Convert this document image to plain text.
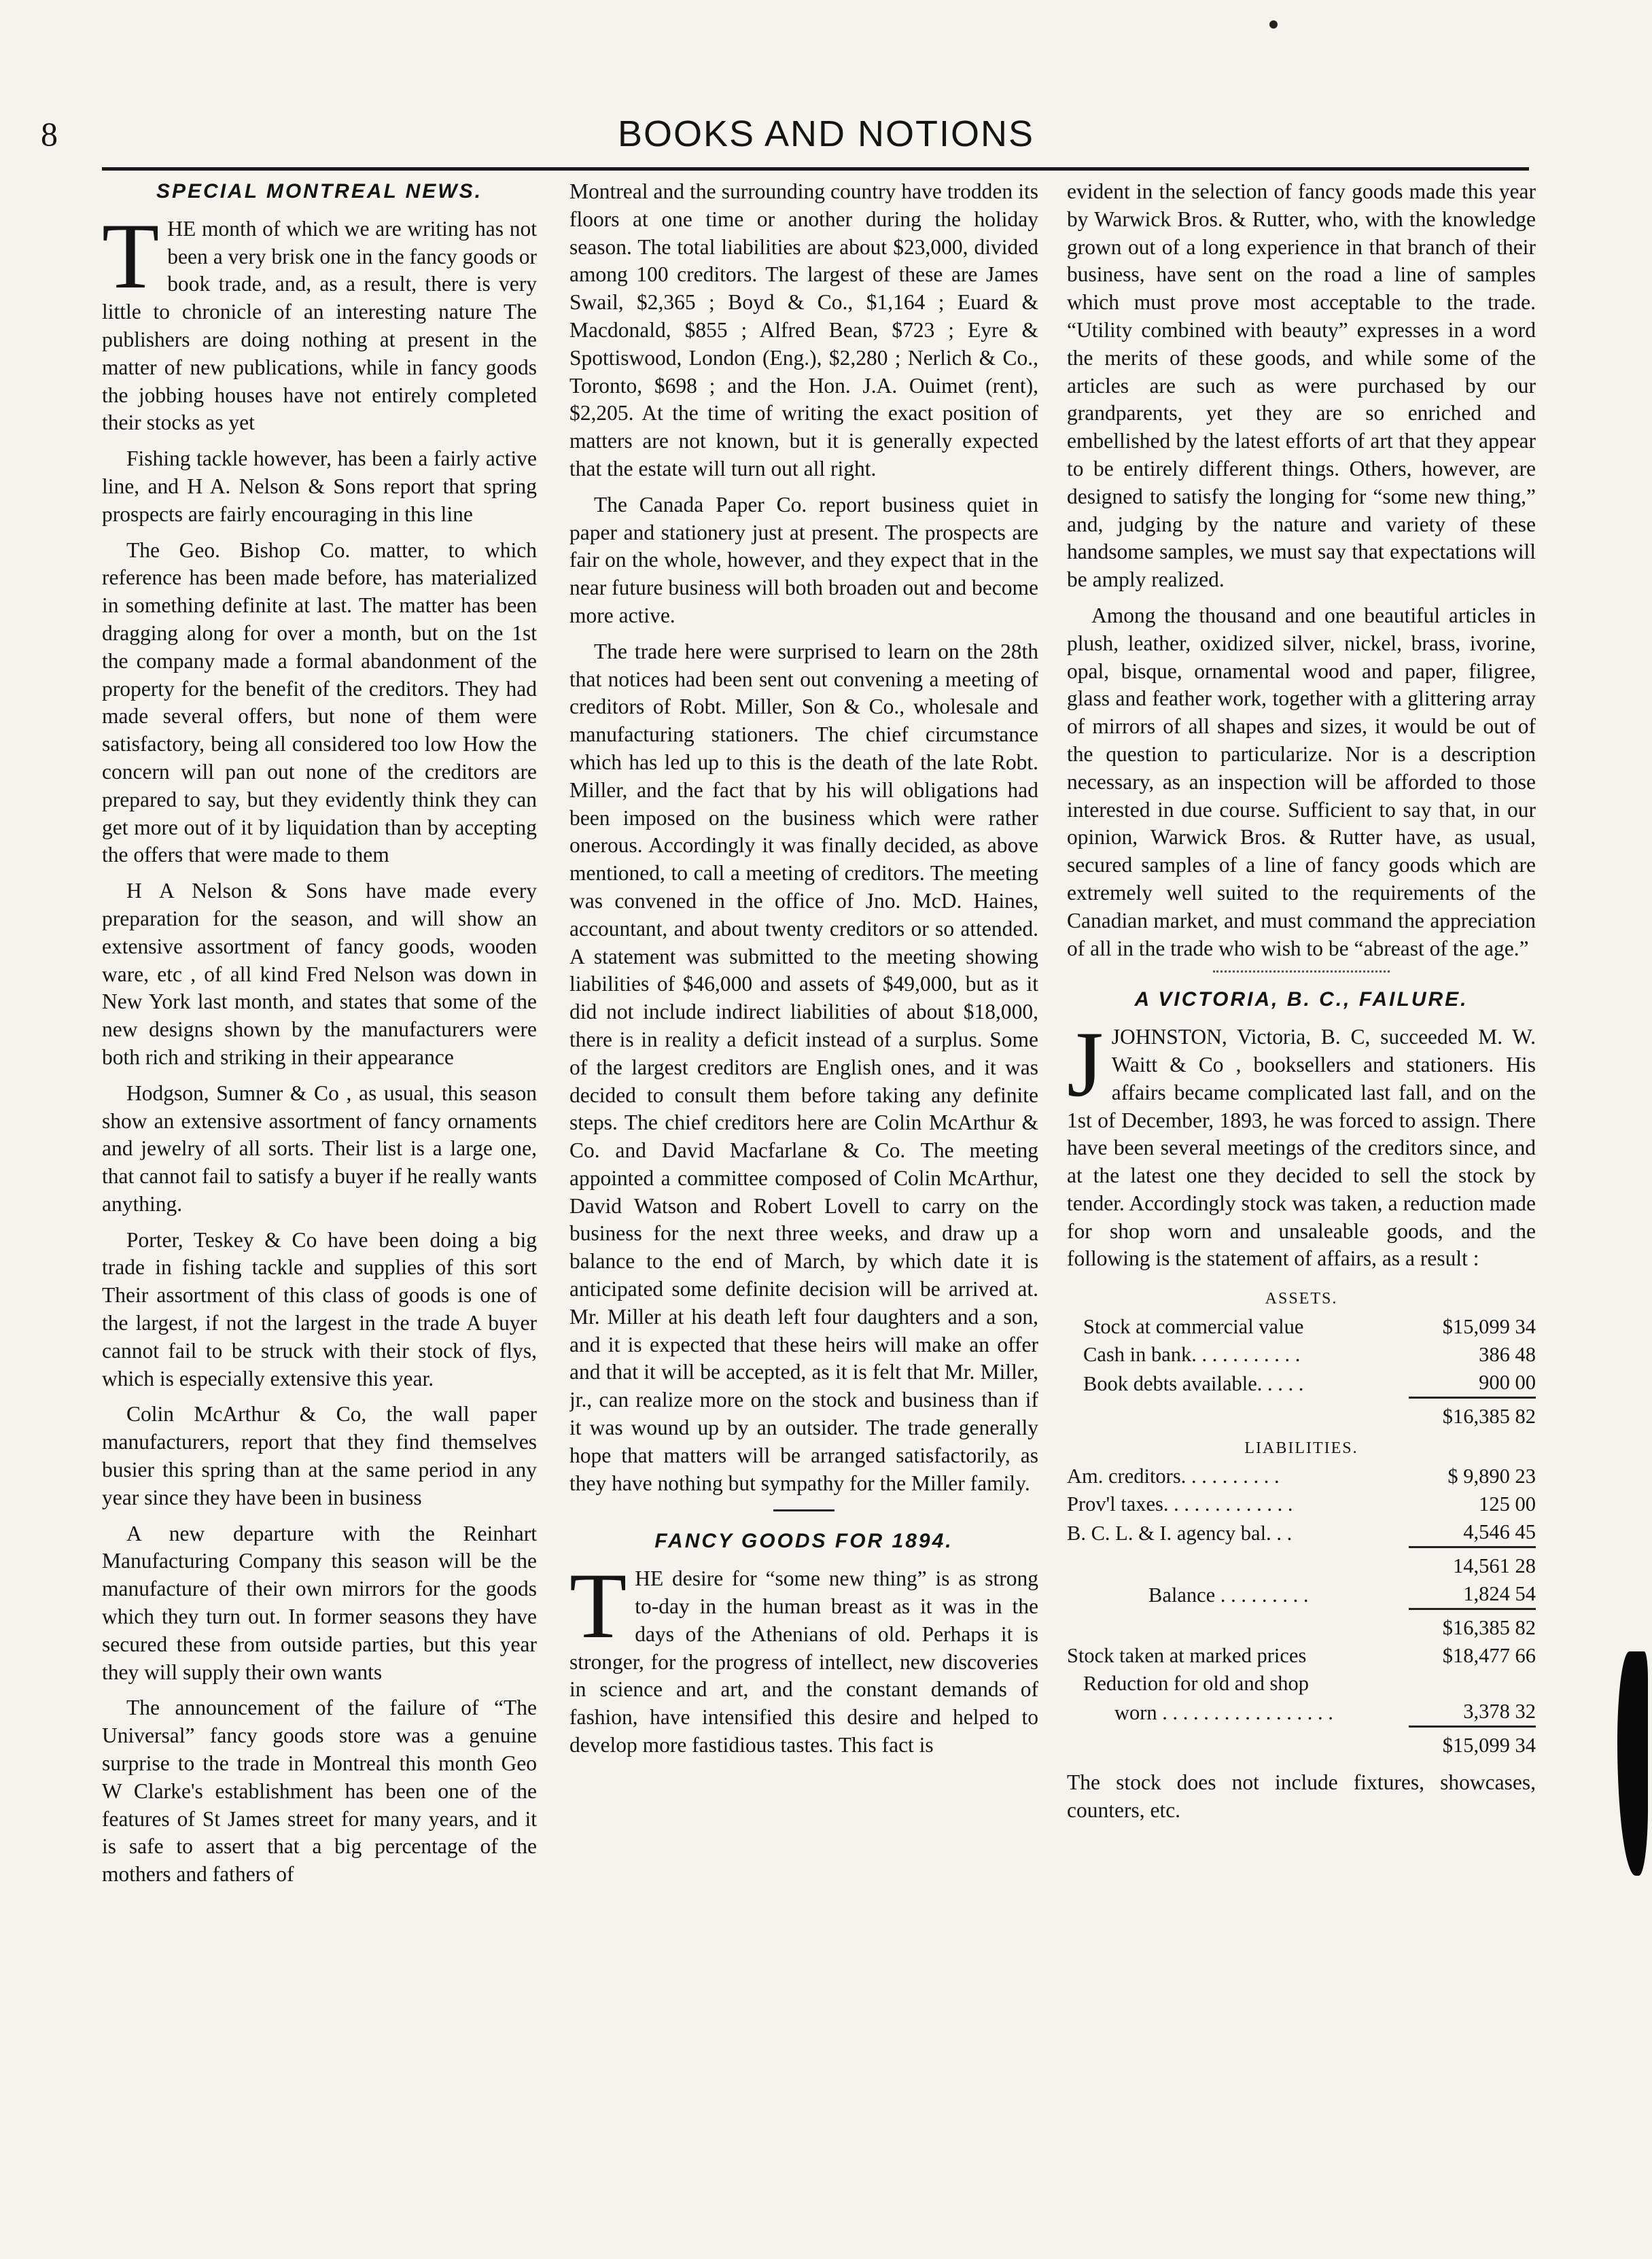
8	BOOKS AND NOTIONS
SPECIAL MONTREAL NEWS.

THE month of which we are writing has not been a very brisk one in the fancy goods or book trade, and, as a result, there is very little to chronicle of an interesting nature The publishers are doing nothing at present in the matter of new publications, while in fancy goods the jobbing houses have not entirely completed their stocks as yet

Fishing tackle however, has been a fairly active line, and H A. Nelson & Sons report that spring prospects are fairly encouraging in this line

The Geo. Bishop Co. matter, to which reference has been made before, has materialized in something definite at last. The matter has been dragging along for over a month, but on the 1st the company made a formal abandonment of the property for the benefit of the creditors. They had made several offers, but none of them were satisfactory, being all considered too low How the concern will pan out none of the creditors are prepared to say, but they evidently think they can get more out of it by liquidation than by accepting the offers that were made to them

H A Nelson & Sons have made every preparation for the season, and will show an extensive assortment of fancy goods, wooden ware, etc , of all kind Fred Nelson was down in New York last month, and states that some of the new designs shown by the manufacturers were both rich and striking in their appearance

Hodgson, Sumner & Co , as usual, this season show an extensive assortment of fancy ornaments and jewelry of all sorts. Their list is a large one, that cannot fail to satisfy a buyer if he really wants anything.

Porter, Teskey & Co have been doing a big trade in fishing tackle and supplies of this sort Their assortment of this class of goods is one of the largest, if not the largest in the trade A buyer cannot fail to be struck with their stock of flys, which is especially extensive this year.

Colin McArthur & Co, the wall paper manufacturers, report that they find themselves busier this spring than at the same period in any year since they have been in business

A new departure with the Reinhart Manufacturing Company this season will be the manufacture of their own mirrors for the goods which they turn out. In former seasons they have secured these from outside parties, but this year they will supply their own wants

The announcement of the failure of “The Universal” fancy goods store was a genuine surprise to the trade in Montreal this month Geo W Clarke's establishment has been one of the features of St James street for many years, and it is safe to assert that a big percentage of the mothers and fathers of

Montreal and the surrounding country have trodden its floors at one time or another during the holiday season. The total liabilities are about $23,000, divided among 100 creditors. The largest of these are James Swail, $2,365 ; Boyd & Co., $1,164 ; Euard & Macdonald, $855 ; Alfred Bean, $723 ; Eyre & Spottiswood, London (Eng.), $2,280 ; Nerlich & Co., Toronto, $698 ; and the Hon. J.A. Ouimet (rent), $2,205. At the time of writing the exact position of matters are not known, but it is generally expected that the estate will turn out all right.

The Canada Paper Co. report business quiet in paper and stationery just at present. The prospects are fair on the whole, however, and they expect that in the near future business will both broaden out and become more active.

The trade here were surprised to learn on the 28th that notices had been sent out convening a meeting of creditors of Robt. Miller, Son & Co., wholesale and manufacturing stationers. The chief circumstance which has led up to this is the death of the late Robt. Miller, and the fact that by his will obligations had been imposed on the business which were rather onerous. Accordingly it was finally decided, as above mentioned, to call a meeting of creditors. The meeting was convened in the office of Jno. McD. Haines, accountant, and about twenty creditors or so attended. A statement was submitted to the meeting showing liabilities of $46,000 and assets of $49,000, but as it did not include indirect liabilities of about $18,000, there is in reality a deficit instead of a surplus. Some of the largest creditors are English ones, and it was decided to consult them before taking any definite steps. The chief creditors here are Colin McArthur & Co. and David Macfarlane & Co. The meeting appointed a committee composed of Colin McArthur, David Watson and Robert Lovell to carry on the business for the next three weeks, and draw up a balance to the end of March, by which date it is anticipated some definite decision will be arrived at. Mr. Miller at his death left four daughters and a son, and it is expected that these heirs will make an offer and that it will be accepted, as it is felt that Mr. Miller, jr., can realize more on the stock and business than if it was wound up by an outsider. The trade generally hope that matters will be arranged satisfactorily, as they have nothing but sympathy for the Miller family.

FANCY GOODS FOR 1894.

THE desire for “some new thing” is as strong to-day in the human breast as it was in the days of the Athenians of old. Perhaps it is stronger, for the progress of intellect, new discoveries in science and art, and the constant demands of fashion, have intensified this desire and helped to develop more fastidious tastes. This fact is

evident in the selection of fancy goods made this year by Warwick Bros. & Rutter, who, with the knowledge grown out of a long experience in that branch of their business, have sent on the road a line of samples which must prove most acceptable to the trade. “Utility combined with beauty” expresses in a word the merits of these goods, and while some of the articles are such as were purchased by our grandparents, yet they are so enriched and embellished by the latest efforts of art that they appear to be entirely different things. Others, however, are designed to satisfy the longing for “some new thing,” and, judging by the nature and variety of these handsome samples, we must say that expectations will be amply realized.

Among the thousand and one beautiful articles in plush, leather, oxidized silver, nickel, brass, ivorine, opal, bisque, ornamental wood and paper, filigree, glass and feather work, together with a glittering array of mirrors of all shapes and sizes, it would be out of the question to particularize. Nor is a description necessary, as an inspection will be afforded to those interested in due course. Sufficient to say that, in our opinion, Warwick Bros. & Rutter have, as usual, secured samples of a line of fancy goods which are extremely well suited to the requirements of the Canadian market, and must command the appreciation of all in the trade who wish to be “abreast of the age.”

A VICTORIA, B. C., FAILURE.

JJOHNSTON, Victoria, B. C, succeeded M. W. Waitt & Co , booksellers and stationers. His affairs became complicated last fall, and on the 1st of December, 1893, he was forced to assign. There have been several meetings of the creditors since, and at the latest one they decided to sell the stock by tender. Accordingly stock was taken, a reduction made for shop worn and unsaleable goods, and the following is the statement of affairs, as a result :

ASSETS.	
Stock at commercial value	$15,099 34
Cash in bank. . . . . . . . . . .	386 48
Book debts available. . . . .	900 00
	$16,385 82
LIABILITIES.	
Am. creditors. . . . . . . . . .	$ 9,890 23
Prov'l taxes. . . . . . . . . . . . .	125 00
B. C. L. & I. agency bal. . .	4,546 45
	14,561 28
Balance . . . . . . . . .	1,824 54
	$16,385 82
Stock taken at marked prices	$18,477 66
Reduction for old and shop	
worn . . . . . . . . . . . . . . . . .	3,378 32
	$15,099 34

The stock does not include fixtures, showcases, counters, etc.
